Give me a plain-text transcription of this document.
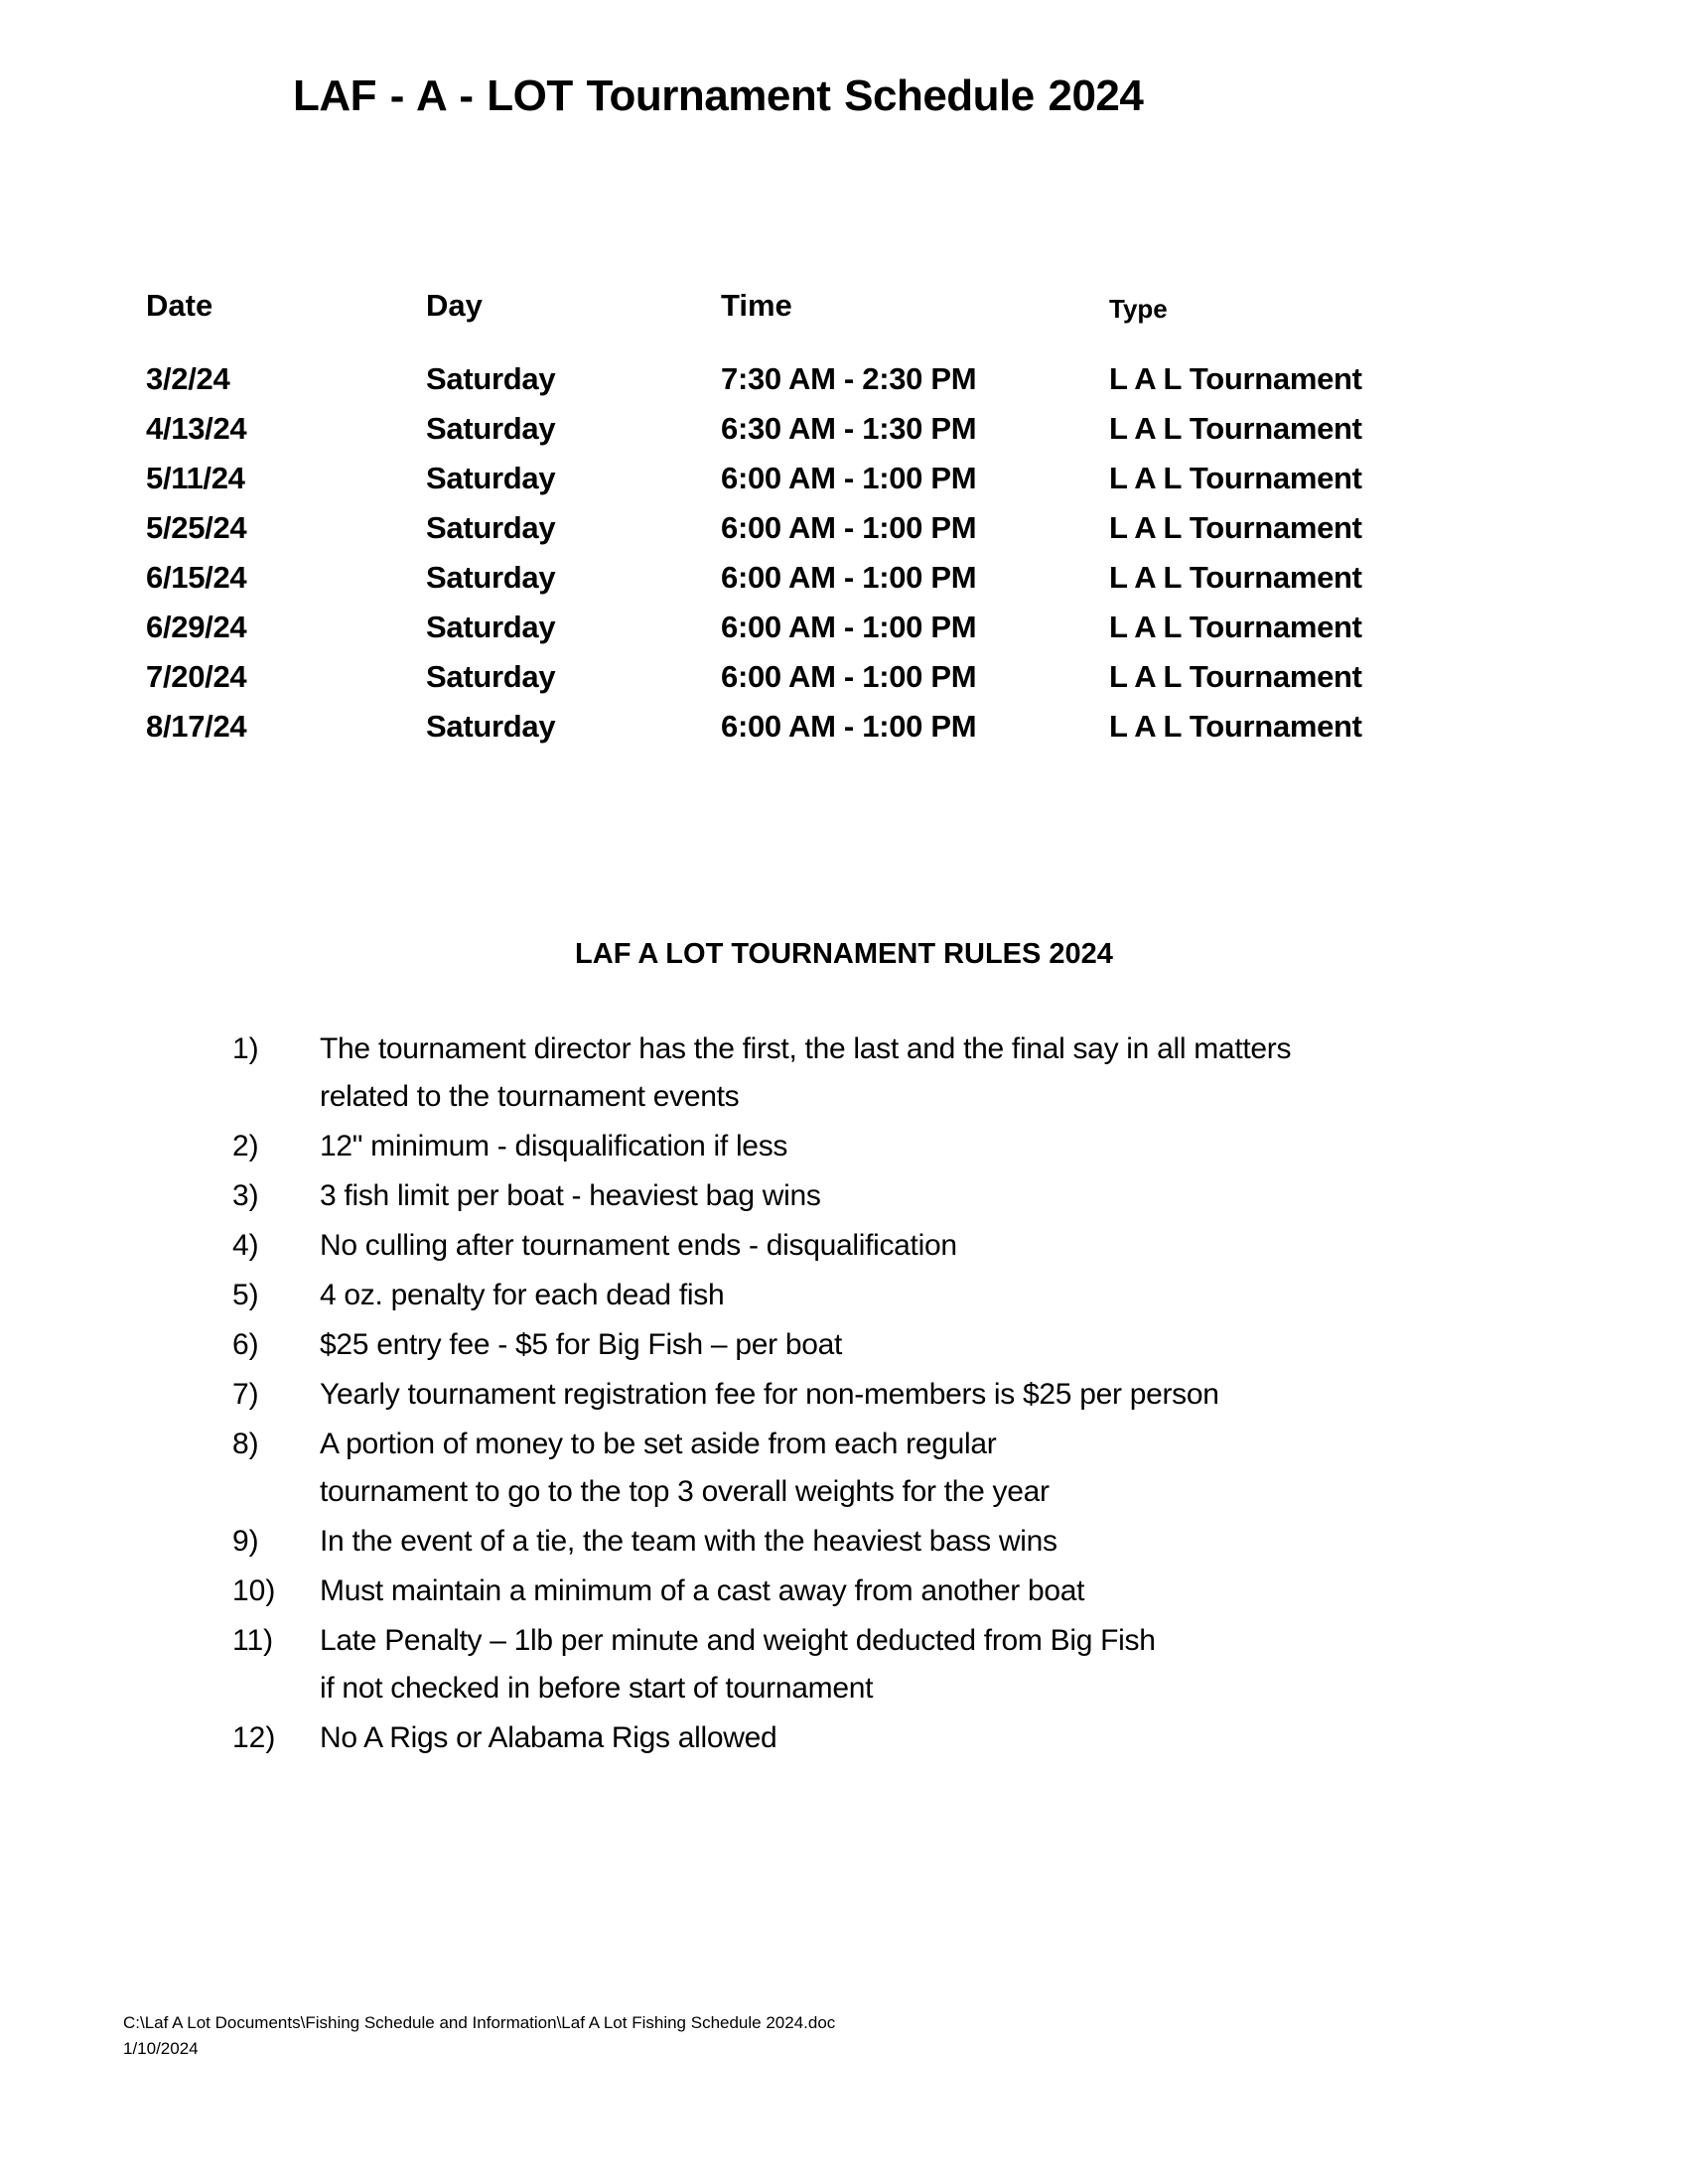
LAF - A - LOT Tournament Schedule 2024
Date	Day	Time	Type
3/2/24	Saturday	7:30 AM - 2:30 PM	L A L Tournament
4/13/24	Saturday	6:30 AM - 1:30 PM	L A L Tournament
5/11/24	Saturday	6:00 AM - 1:00 PM	L A L Tournament
5/25/24	Saturday	6:00 AM - 1:00 PM	L A L Tournament
6/15/24	Saturday	6:00 AM - 1:00 PM	L A L Tournament
6/29/24	Saturday	6:00 AM - 1:00 PM	L A L Tournament
7/20/24	Saturday	6:00 AM - 1:00 PM	L A L Tournament
8/17/24	Saturday	6:00 AM - 1:00 PM	L A L Tournament
LAF A LOT TOURNAMENT RULES 2024
1) The tournament director has the first, the last and the final say in all matters
related to the tournament events
2) 12" minimum - disqualification if less
3) 3 fish limit per boat - heaviest bag wins
4) No culling after tournament ends - disqualification
5) 4 oz. penalty for each dead fish
6) $25 entry fee - $5 for Big Fish – per boat
7) Yearly tournament registration fee for non-members is $25 per person
8) A portion of money to be set aside from each regular
tournament to go to the top 3 overall weights for the year
9) In the event of a tie, the team with the heaviest bass wins
10) Must maintain a minimum of a cast away from another boat
11) Late Penalty – 1lb per minute and weight deducted from Big Fish
if not checked in before start of tournament
12) No A Rigs or Alabama Rigs allowed
C:\Laf A Lot Documents\Fishing Schedule and Information\Laf A Lot Fishing Schedule 2024.doc
1/10/2024
